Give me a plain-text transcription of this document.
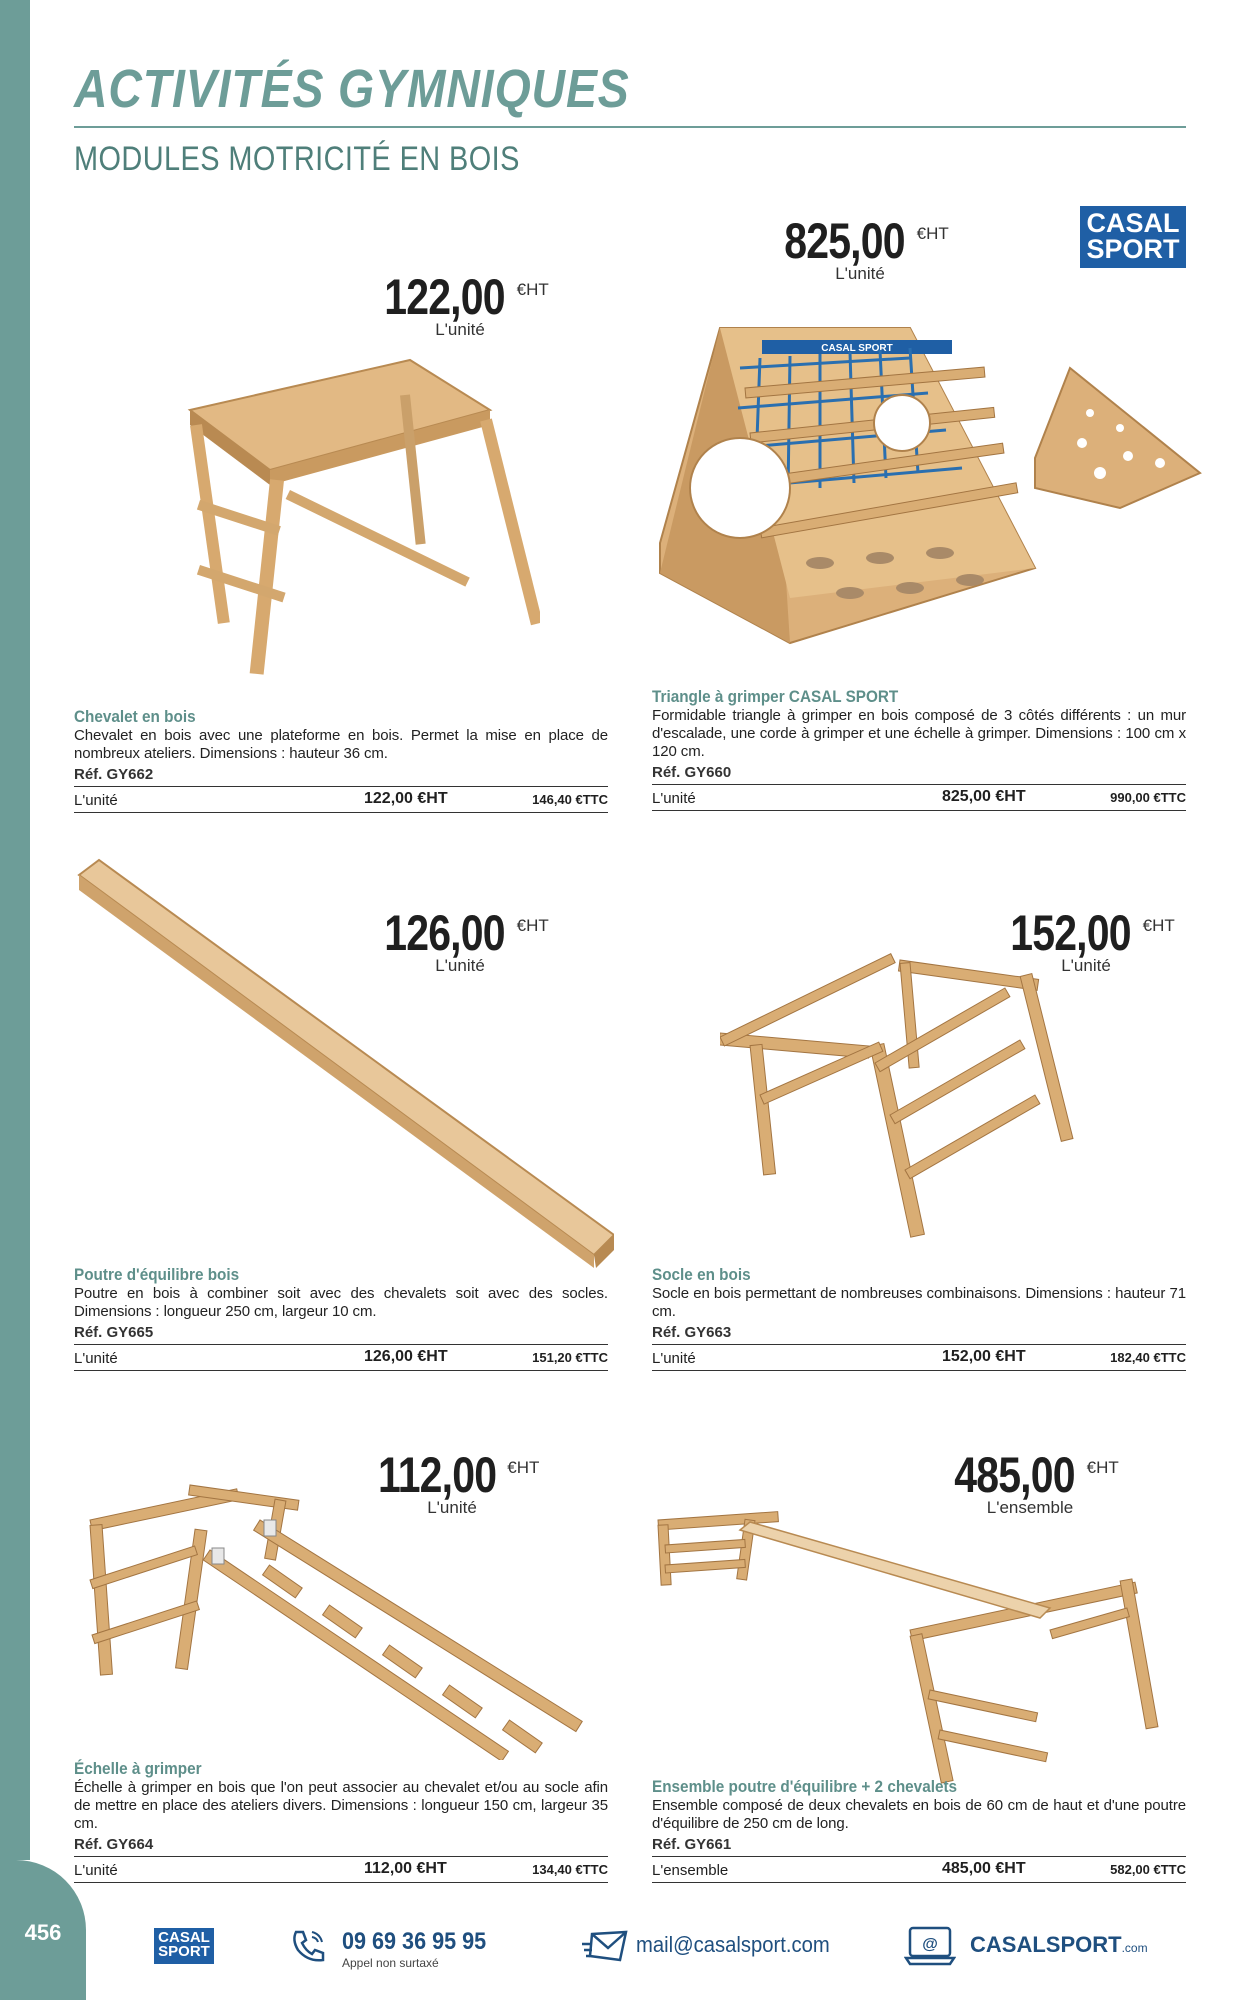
456
ACTIVITÉS GYMNIQUES
MODULES MOTRICITÉ EN BOIS
CASAL
SPORT
122,00 €HT
L'unité
Chevalet en bois
Chevalet en bois avec une plateforme en bois. Permet la mise en place de nombreux ateliers. Dimensions : hauteur 36 cm.
Réf. GY662
L'unité	122,00 €HT	146,40 €TTC
825,00 €HT
L'unité
CASAL SPORT
Triangle à grimper CASAL SPORT
Formidable triangle à grimper en bois composé de 3 côtés différents : un mur d'escalade, une corde à grimper et une échelle à grimper. Dimensions : 100 cm x 120 cm.
Réf. GY660
L'unité	825,00 €HT	990,00 €TTC
126,00 €HT
L'unité
Poutre d'équilibre bois
Poutre en bois à combiner soit avec des chevalets soit avec des socles. Dimensions : longueur 250 cm, largeur 10 cm.
Réf. GY665
L'unité	126,00 €HT	151,20 €TTC
152,00 €HT
L'unité
Socle en bois
Socle en bois permettant de nombreuses combinaisons. Dimensions : hauteur 71 cm.
Réf. GY663
L'unité	152,00 €HT	182,40 €TTC
112,00 €HT
L'unité
Échelle à grimper
Échelle à grimper en bois que l'on peut associer au chevalet et/ou au socle afin de mettre en place des ateliers divers. Dimensions : longueur 150 cm, largeur 35 cm.
Réf. GY664
L'unité	112,00 €HT	134,40 €TTC
485,00 €HT
L'ensemble
Ensemble poutre d'équilibre + 2 chevalets
Ensemble composé de deux chevalets en bois de 60 cm de haut et d'une poutre d'équilibre de 250 cm de long.
Réf. GY661
L'ensemble	485,00 €HT	582,00 €TTC
CASAL
SPORT	09 69 36 95 95
Appel non surtaxé
mail@casalsport.com	@ CASALSPORT.com
